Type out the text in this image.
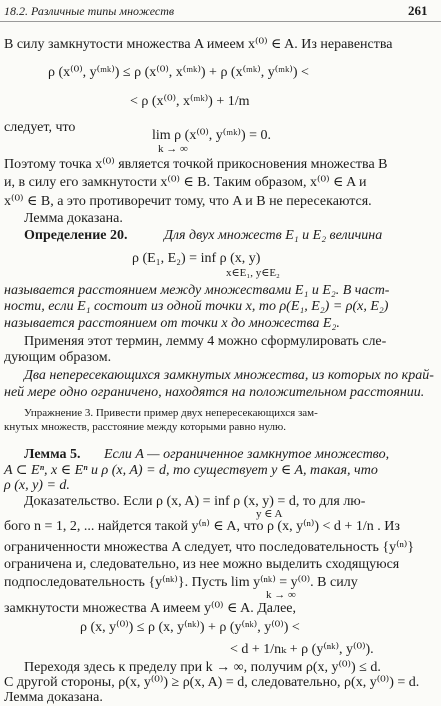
18.2. Различные типы множеств	261
В силу замкнутости множества A имеем x⁽⁰⁾ ∈ A. Из неравенства
ρ (x⁽⁰⁾, y⁽ᵐᵏ⁾) ≤ ρ (x⁽⁰⁾, x⁽ᵐᵏ⁾) + ρ (x⁽ᵐᵏ⁾, y⁽ᵐᵏ⁾) <
< ρ (x⁽⁰⁾, x⁽ᵐᵏ⁾) + 1/m
следует, что
lim ρ (x⁽⁰⁾, y⁽ᵐᵏ⁾) = 0.
k → ∞
Поэтому точка x⁽⁰⁾ является точкой прикосновения множества B
и, в силу его замкнутости x⁽⁰⁾ ∈ B. Таким образом, x⁽⁰⁾ ∈ A и
x⁽⁰⁾ ∈ B, а это противоречит тому, что A и B не пересекаются.
Лемма доказана.
Определение 20.	Для двух множеств E₁ и E₂ величина
ρ (E₁, E₂) = inf ρ (x, y)
x∈E₁, y∈E₂
называется расстоянием между множествами E₁ и E₂. В част-
ности, если E₁ состоит из одной точки x, то ρ(E₁, E₂) = ρ(x, E₂)
называется расстоянием от точки x до множества E₂.
Применяя этот термин, лемму 4 можно сформулировать сле-
дующим образом.
Два непересекающихся замкнутых множества, из которых по край-
ней мере одно ограничено, находятся на положительном расстоянии.
Упражнение 3. Привести пример двух непересекающихся зам-
кнутых множеств, расстояние между которыми равно нулю.
Лемма 5. Если A — ограниченное замкнутое множество,
A ⊂ Eⁿ, x ∈ Eⁿ и ρ (x, A) = d, то существует y ∈ A, такая, что
ρ (x, y) = d.
Доказательство. Если ρ (x, A) = inf ρ (x, y) = d, то для лю-
y ∈ A
бого n = 1, 2, ... найдется такой y⁽ⁿ⁾ ∈ A, что ρ (x, y⁽ⁿ⁾) < d + 1/n . Из
ограниченности множества A следует, что последовательность {y⁽ⁿ⁾}
ограничена и, следовательно, из нее можно выделить сходящуюся
подпоследовательность {y⁽ⁿᵏ⁾}. Пусть lim y⁽ⁿᵏ⁾ = y⁽⁰⁾. В силу
k → ∞
замкнутости множества A имеем y⁽⁰⁾ ∈ A. Далее,
ρ (x, y⁽⁰⁾) ≤ ρ (x, y⁽ⁿᵏ⁾) + ρ (y⁽ⁿᵏ⁾, y⁽⁰⁾) <
< d + 1/nₖ + ρ (y⁽ⁿᵏ⁾, y⁽⁰⁾).
Переходя здесь к пределу при k → ∞, получим ρ(x, y⁽⁰⁾) ≤ d.
С другой стороны, ρ(x, y⁽⁰⁾) ≥ ρ(x, A) = d, следовательно, ρ(x, y⁽⁰⁾) = d.
Лемма доказана.
